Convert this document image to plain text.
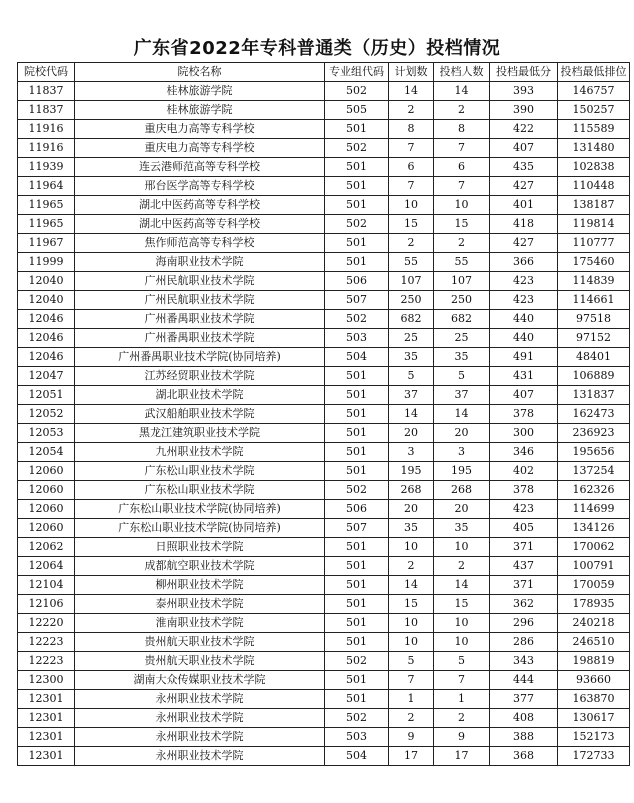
广东省2022年专科普通类（历史）投档情况
院校代码	院校名称	专业组代码	计划数	投档人数	投档最低分	投档最低排位
11837	桂林旅游学院	502	14	14	393	146757
11837	桂林旅游学院	505	2	2	390	150257
11916	重庆电力高等专科学校	501	8	8	422	115589
11916	重庆电力高等专科学校	502	7	7	407	131480
11939	连云港师范高等专科学校	501	6	6	435	102838
11964	邢台医学高等专科学校	501	7	7	427	110448
11965	湖北中医药高等专科学校	501	10	10	401	138187
11965	湖北中医药高等专科学校	502	15	15	418	119814
11967	焦作师范高等专科学校	501	2	2	427	110777
11999	海南职业技术学院	501	55	55	366	175460
12040	广州民航职业技术学院	506	107	107	423	114839
12040	广州民航职业技术学院	507	250	250	423	114661
12046	广州番禺职业技术学院	502	682	682	440	97518
12046	广州番禺职业技术学院	503	25	25	440	97152
12046	广州番禺职业技术学院(协同培养)	504	35	35	491	48401
12047	江苏经贸职业技术学院	501	5	5	431	106889
12051	湖北职业技术学院	501	37	37	407	131837
12052	武汉船舶职业技术学院	501	14	14	378	162473
12053	黑龙江建筑职业技术学院	501	20	20	300	236923
12054	九州职业技术学院	501	3	3	346	195656
12060	广东松山职业技术学院	501	195	195	402	137254
12060	广东松山职业技术学院	502	268	268	378	162326
12060	广东松山职业技术学院(协同培养)	506	20	20	423	114699
12060	广东松山职业技术学院(协同培养)	507	35	35	405	134126
12062	日照职业技术学院	501	10	10	371	170062
12064	成都航空职业技术学院	501	2	2	437	100791
12104	柳州职业技术学院	501	14	14	371	170059
12106	泰州职业技术学院	501	15	15	362	178935
12220	淮南职业技术学院	501	10	10	296	240218
12223	贵州航天职业技术学院	501	10	10	286	246510
12223	贵州航天职业技术学院	502	5	5	343	198819
12300	湖南大众传媒职业技术学院	501	7	7	444	93660
12301	永州职业技术学院	501	1	1	377	163870
12301	永州职业技术学院	502	2	2	408	130617
12301	永州职业技术学院	503	9	9	388	152173
12301	永州职业技术学院	504	17	17	368	172733
